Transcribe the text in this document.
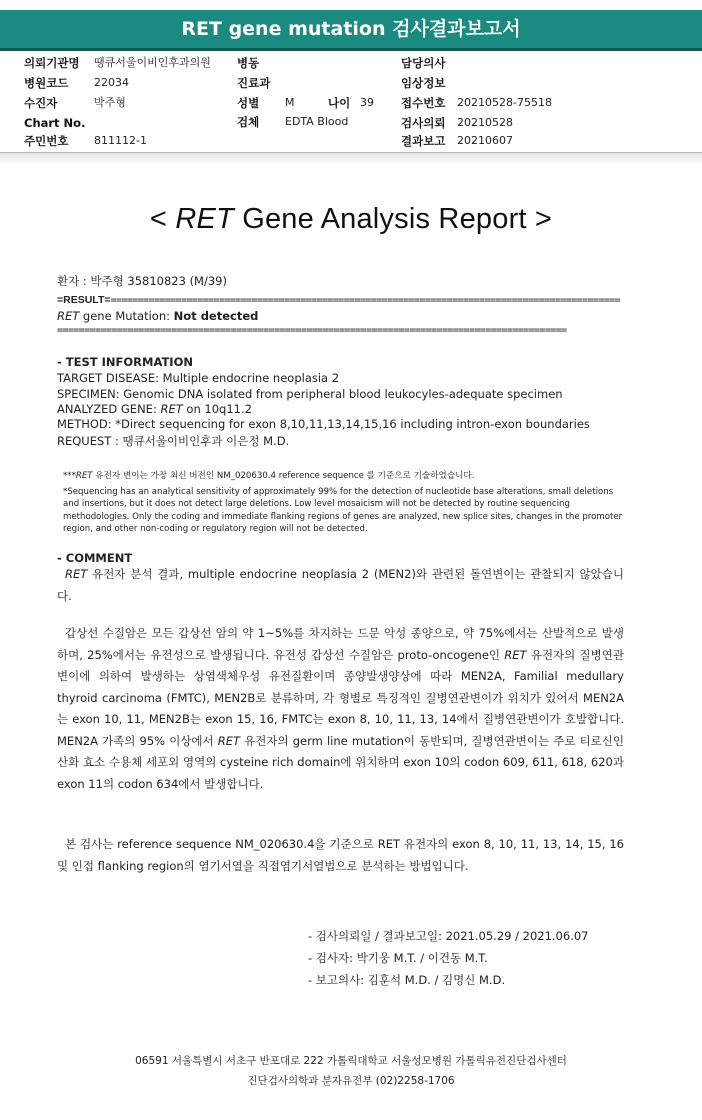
RET gene mutation 검사결과보고서
의뢰기관명 땡큐서울이비인후과의원
병원코드 22034
수진자	박주형
Chart No.
주민번호 811112-1
병동
진료과
성별 M	나이 39
검체 EDTA Blood
담당의사
임상정보
접수번호 20210528-75518
검사의뢰 20210528
결과보고 20210607
< RET Gene Analysis Report >
환자 : 박주형 35810823 (M/39)
=RESULT===============================================================================================
RET gene Mutation: Not detected
==============================================================================================
- TEST INFORMATION
TARGET DISEASE: Multiple endocrine neoplasia 2
SPECIMEN: Genomic DNA isolated from peripheral blood leukocyles-adequate specimen
ANALYZED GENE: RET on 10q11.2
METHOD: *Direct sequencing for exon 8,10,11,13,14,15,16 including intron-exon boundaries
REQUEST : 땡큐서울이비인후과 이은정 M.D.
***RET 유전자 변이는 가장 최신 버전인 NM_020630.4 reference sequence 를 기준으로 기술하였습니다.
*Sequencing has an analytical sensitivity of approximately 99% for the detection of nucleotide base alterations, small deletions and insertions, but it does not detect large deletions. Low level mosaicism will not be detected by routine sequencing methodologies. Only the coding and immediate flanking regions of genes are analyzed, new splice sites, changes in the promoter region, and other non-coding or regulatory region will not be detected.
- COMMENT

RET 유전자 분석 결과, multiple endocrine neoplasia 2 (MEN2)와 관련된 돌연변이는 관찰되지 않았습니다.

갑상선 수질암은 모든 갑상선 암의 약 1~5%를 차지하는 드문 악성 종양으로, 약 75%에서는 산발적으로 발생하며, 25%에서는 유전성으로 발생됩니다. 유전성 갑상선 수질암은 proto-oncogene인 RET 유전자의 질병연관변이에 의하여 발생하는 상염색체우성 유전질환이며 종양발생양상에 따라 MEN2A, Familial medullary thyroid carcinoma (FMTC), MEN2B로 분류하며, 각 형별로 특징적인 질병연관변이가 위치가 있어서 MEN2A는 exon 10, 11, MEN2B는 exon 15, 16, FMTC는 exon 8, 10, 11, 13, 14에서 질병연관변이가 호발합니다. MEN2A 가족의 95% 이상에서 RET 유전자의 germ line mutation이 동반되며, 질병연관변이는 주로 티로신인산화 효소 수용체 세포외 영역의 cysteine rich domain에 위치하며 exon 10의 codon 609, 611, 618, 620과 exon 11의 codon 634에서 발생합니다.

본 검사는 reference sequence NM_020630.4을 기준으로 RET 유전자의 exon 8, 10, 11, 13, 14, 15, 16 및 인접 flanking region의 염기서열을 직접염기서열법으로 분석하는 방법입니다.

- 검사의뢰일 / 결과보고일: 2021.05.29 / 2021.06.07
- 검사자: 박기웅 M.T. / 이건동 M.T.
- 보고의사: 김훈석 M.D. / 김명신 M.D.
06591 서울특별시 서초구 반포대로 222 가톨릭대학교 서울성모병원 가톨릭유전진단검사센터
진단검사의학과 분자유전부 (02)2258-1706
